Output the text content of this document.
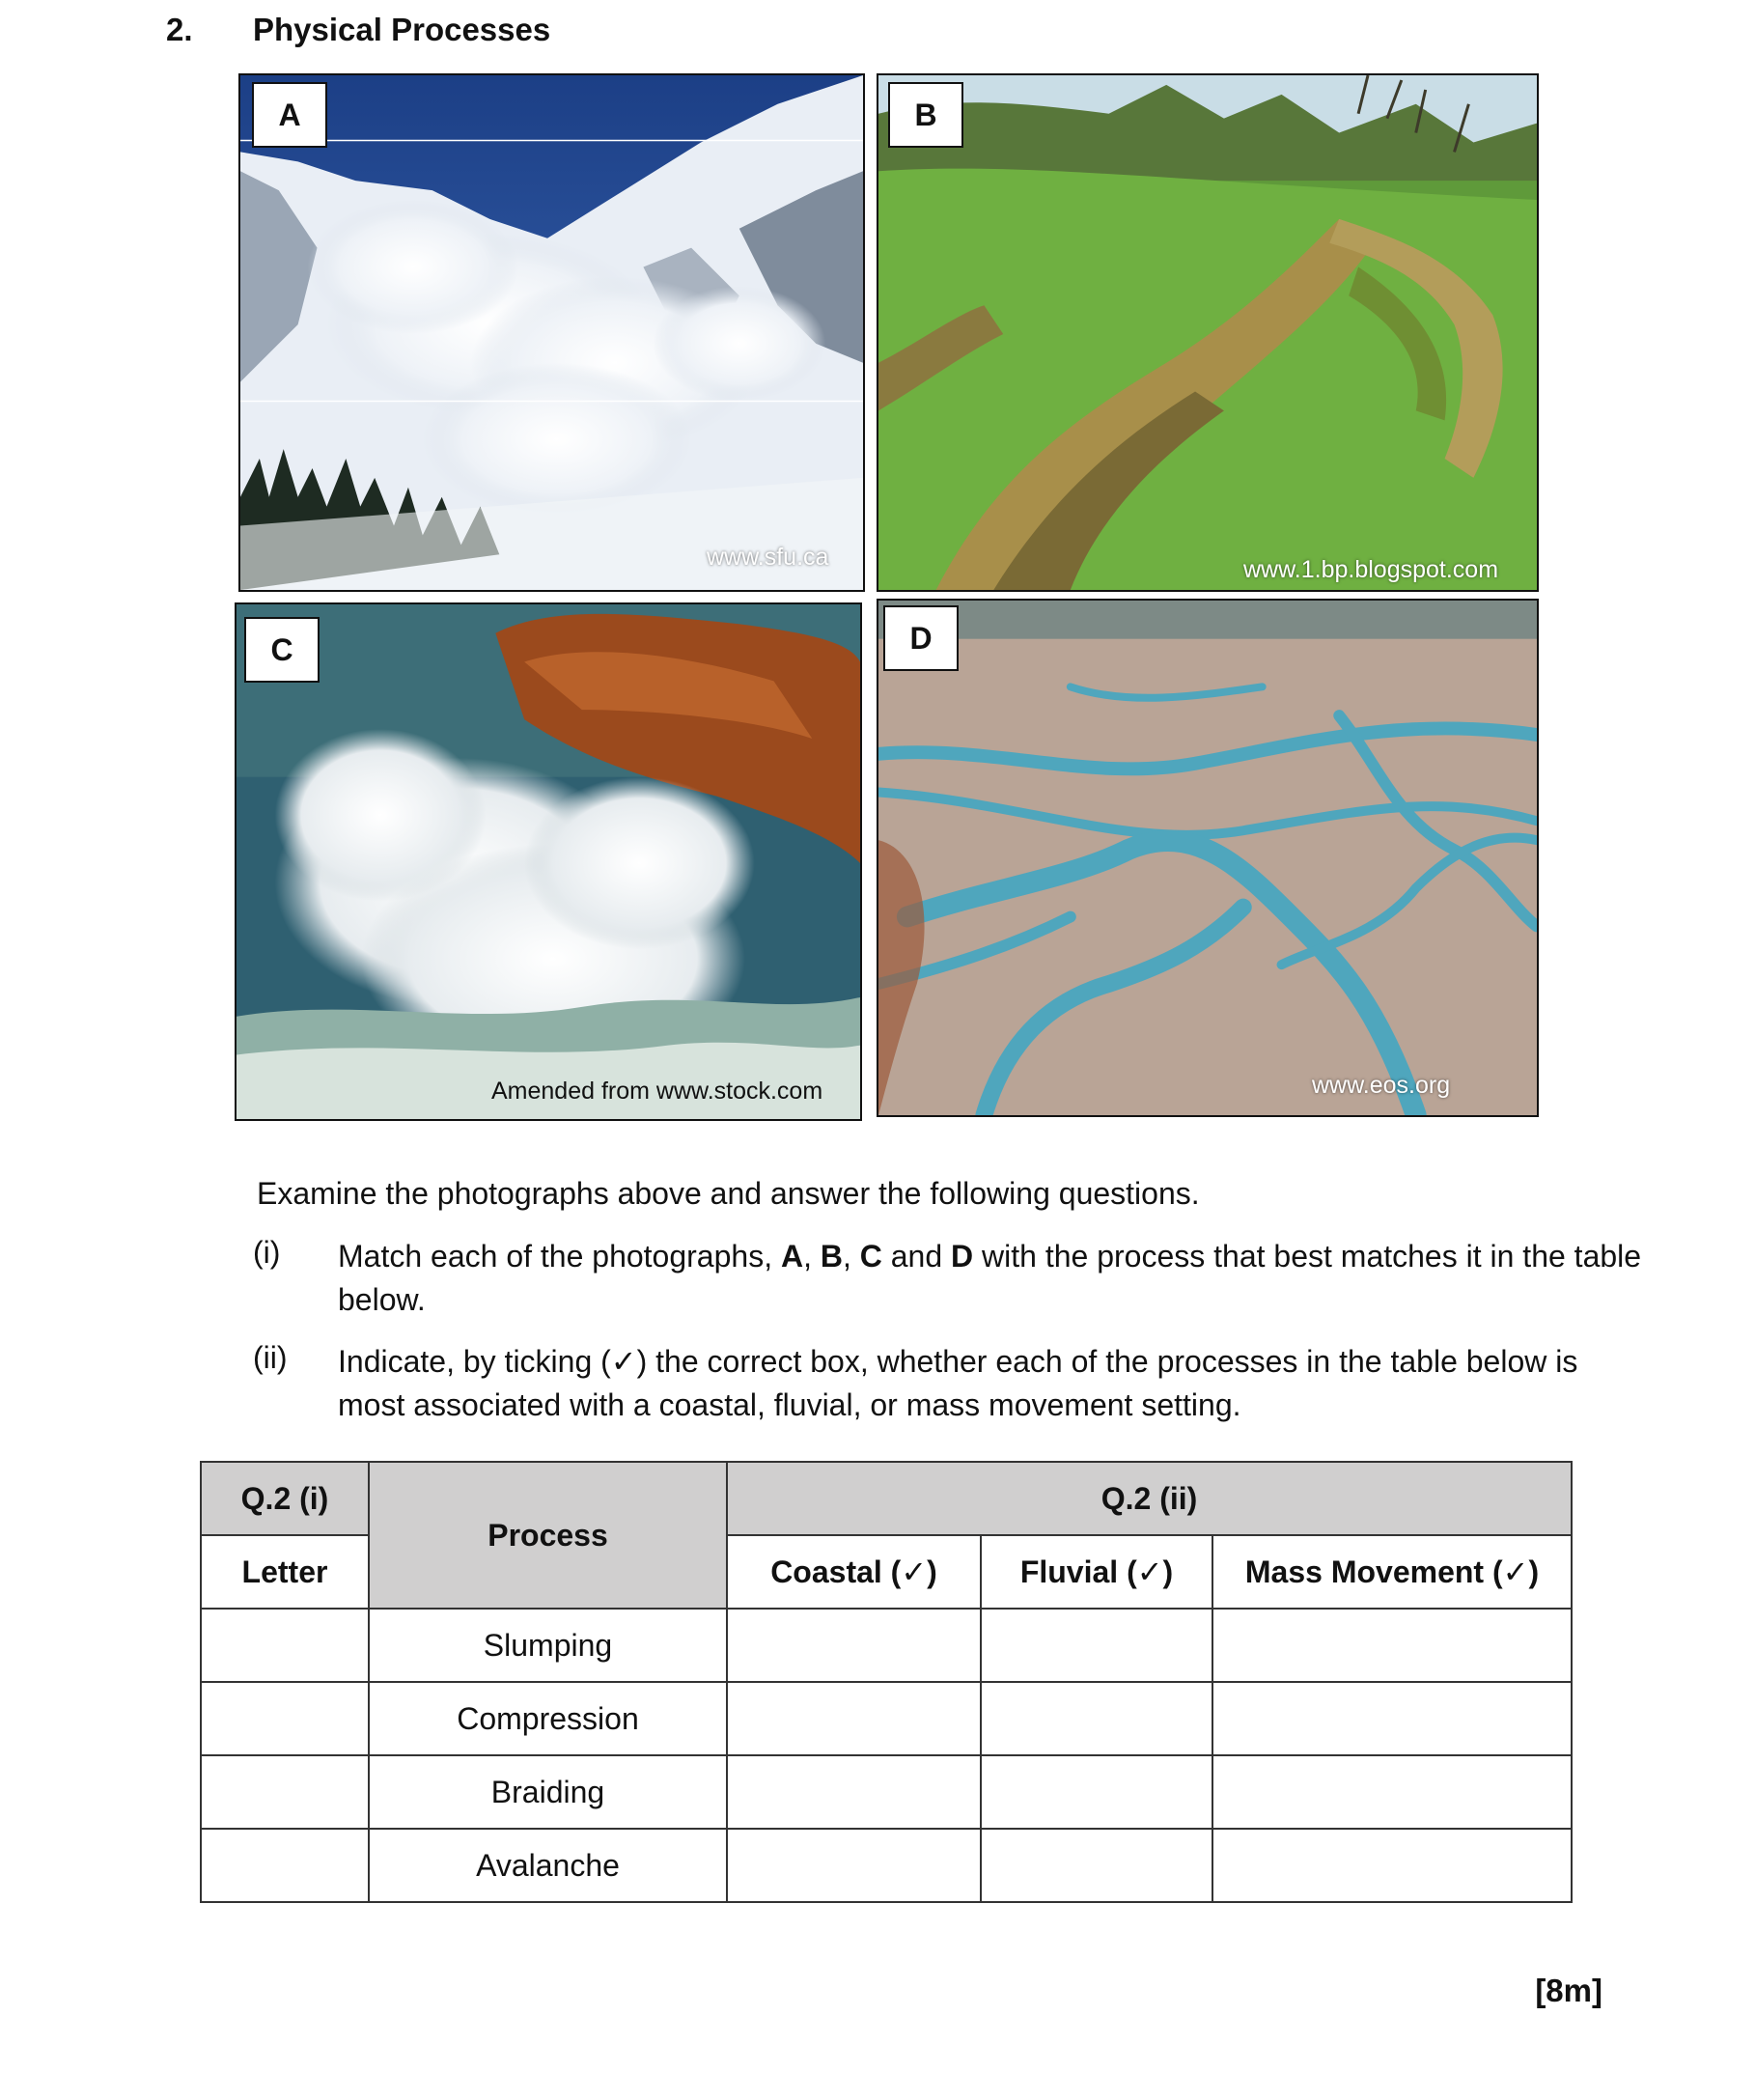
2. Physical Processes
A
www.sfu.ca
B
www.1.bp.blogspot.com
C
Amended from www.stock.com
D
www.eos.org
Examine the photographs above and answer the following questions.
(i) Match each of the photographs, A, B, C and D with the process that best matches it in the table below.
(ii) Indicate, by ticking (✓) the correct box, whether each of the processes in the table below is most associated with a coastal, fluvial, or mass movement setting.
Q.2 (i)	Process	Q.2 (ii)		
Letter		Coastal (✓)	Fluvial (✓)	Mass Movement (✓)
	Slumping			
	Compression			
	Braiding			
	Avalanche			
[8m]
